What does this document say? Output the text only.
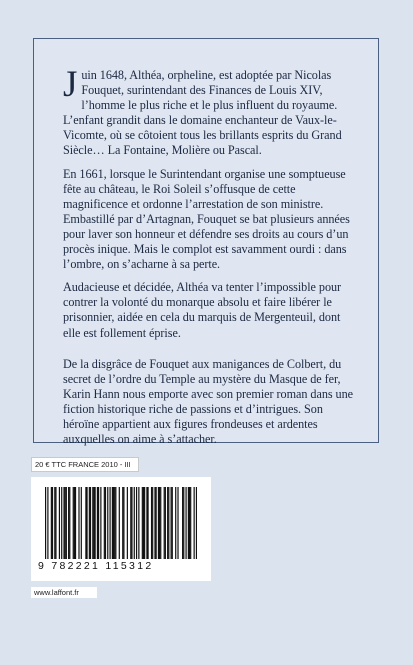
Juin 1648, Althéa, orpheline, est adoptée par Nicolas Fouquet, surintendant des Finances de Louis XIV, l’homme le plus riche et le plus influent du royaume. L’enfant grandit dans le domaine enchanteur de Vaux-le-Vicomte, où se côtoient tous les brillants esprits du Grand Siècle… La Fontaine, Molière ou Pascal.

En 1661, lorsque le Surintendant organise une somptueuse fête au château, le Roi Soleil s’offusque de cette magnificence et ordonne l’arrestation de son ministre. Embastillé par d’Artagnan, Fouquet se bat plusieurs années pour laver son honneur et défendre ses droits au cours d’un procès inique. Mais le complot est savamment ourdi : dans l’ombre, on s’acharne à sa perte.

Audacieuse et décidée, Althéa va tenter l’impossible pour contrer la volonté du monarque absolu et faire libérer le prisonnier, aidée en cela du marquis de Mergenteuil, dont elle est follement éprise.

De la disgrâce de Fouquet aux manigances de Colbert, du secret de l’ordre du Temple au mystère du Masque de fer, Karin Hann nous emporte avec son premier roman dans une fiction historique riche de passions et d’intrigues. Son héroïne appartient aux figures frondeuses et ardentes auxquelles on aime à s’attacher.

20 € TTC FRANCE 2010 - III
9 782221 115312
www.laffont.fr
